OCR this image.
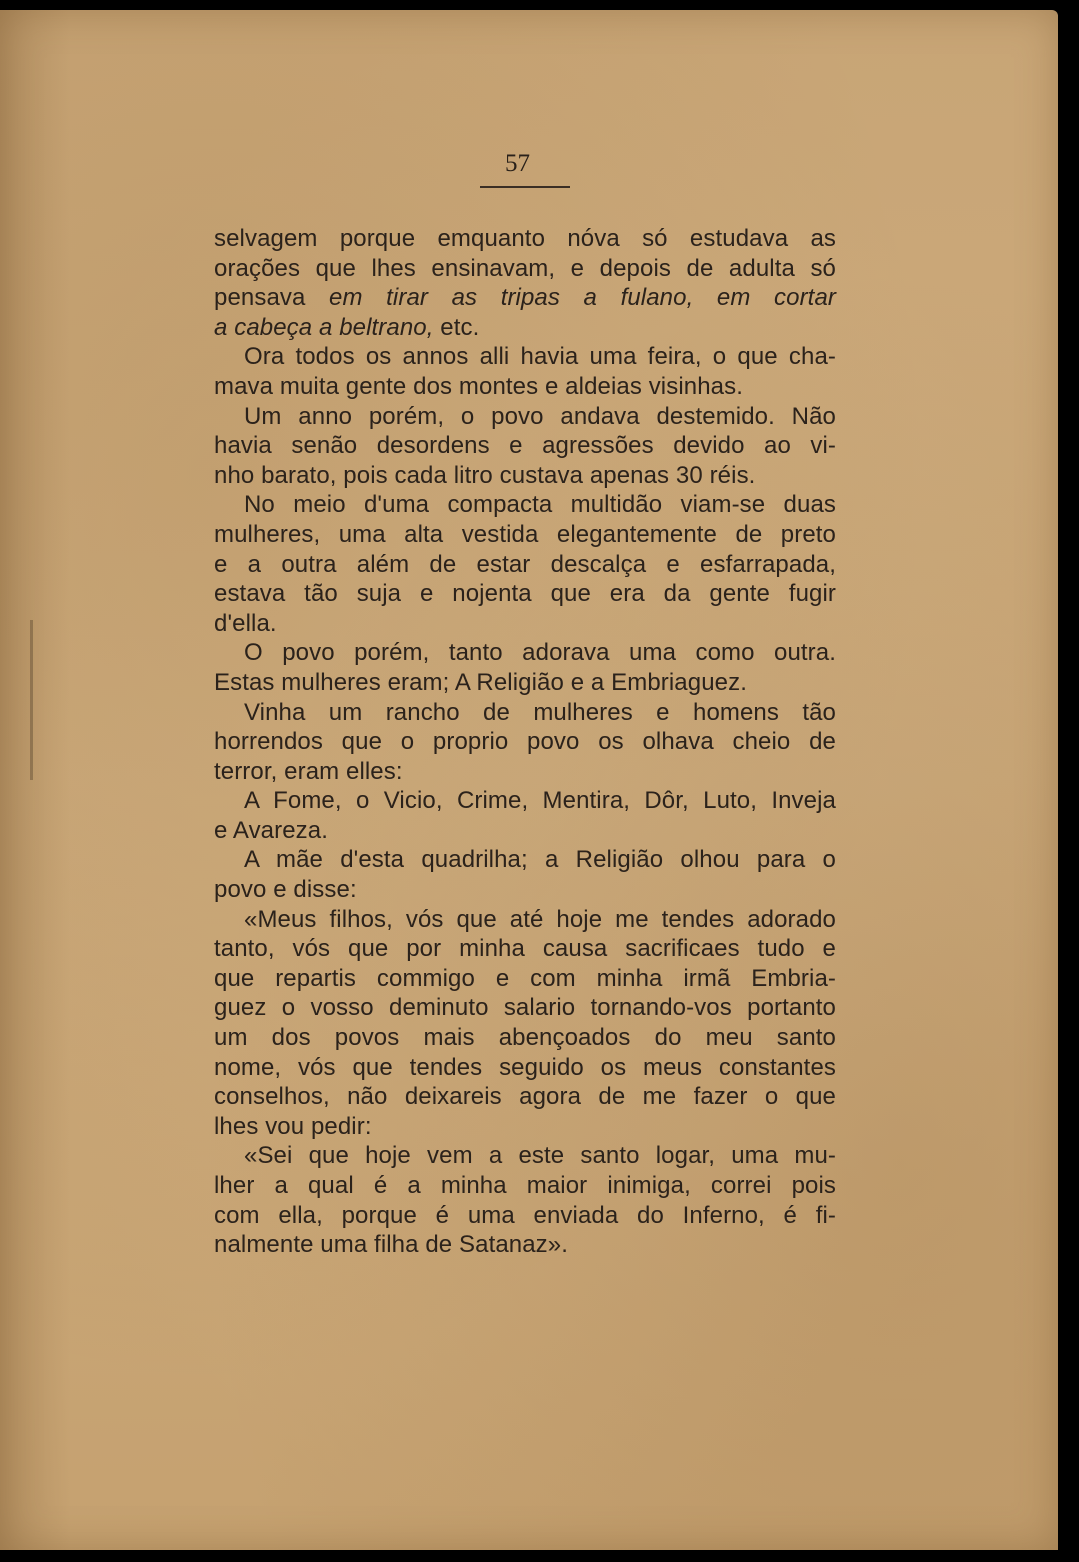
57
selvagem porque emquanto nóva só estudava as
orações que lhes ensinavam, e depois de adulta só
pensava em tirar as tripas a fulano, em cortar
a cabeça a beltrano, etc.
Ora todos os annos alli havia uma feira, o que cha-
mava muita gente dos montes e aldeias visinhas.
Um anno porém, o povo andava destemido. Não
havia senão desordens e agressões devido ao vi-
nho barato, pois cada litro custava apenas 30 réis.
No meio d'uma compacta multidão viam-se duas
mulheres, uma alta vestida elegantemente de preto
e a outra além de estar descalça e esfarrapada,
estava tão suja e nojenta que era da gente fugir
d'ella.
O povo porém, tanto adorava uma como outra.
Estas mulheres eram; A Religião e a Embriaguez.
Vinha um rancho de mulheres e homens tão
horrendos que o proprio povo os olhava cheio de
terror, eram elles:
A Fome, o Vicio, Crime, Mentira, Dôr, Luto, Inveja
e Avareza.
A mãe d'esta quadrilha; a Religião olhou para o
povo e disse:
«Meus filhos, vós que até hoje me tendes adorado
tanto, vós que por minha causa sacrificaes tudo e
que repartis commigo e com minha irmã Embria-
guez o vosso deminuto salario tornando-vos portanto
um dos povos mais abençoados do meu santo
nome, vós que tendes seguido os meus constantes
conselhos, não deixareis agora de me fazer o que
lhes vou pedir:
«Sei que hoje vem a este santo logar, uma mu-
lher a qual é a minha maior inimiga, correi pois
com ella, porque é uma enviada do Inferno, é fi-
nalmente uma filha de Satanaz».
